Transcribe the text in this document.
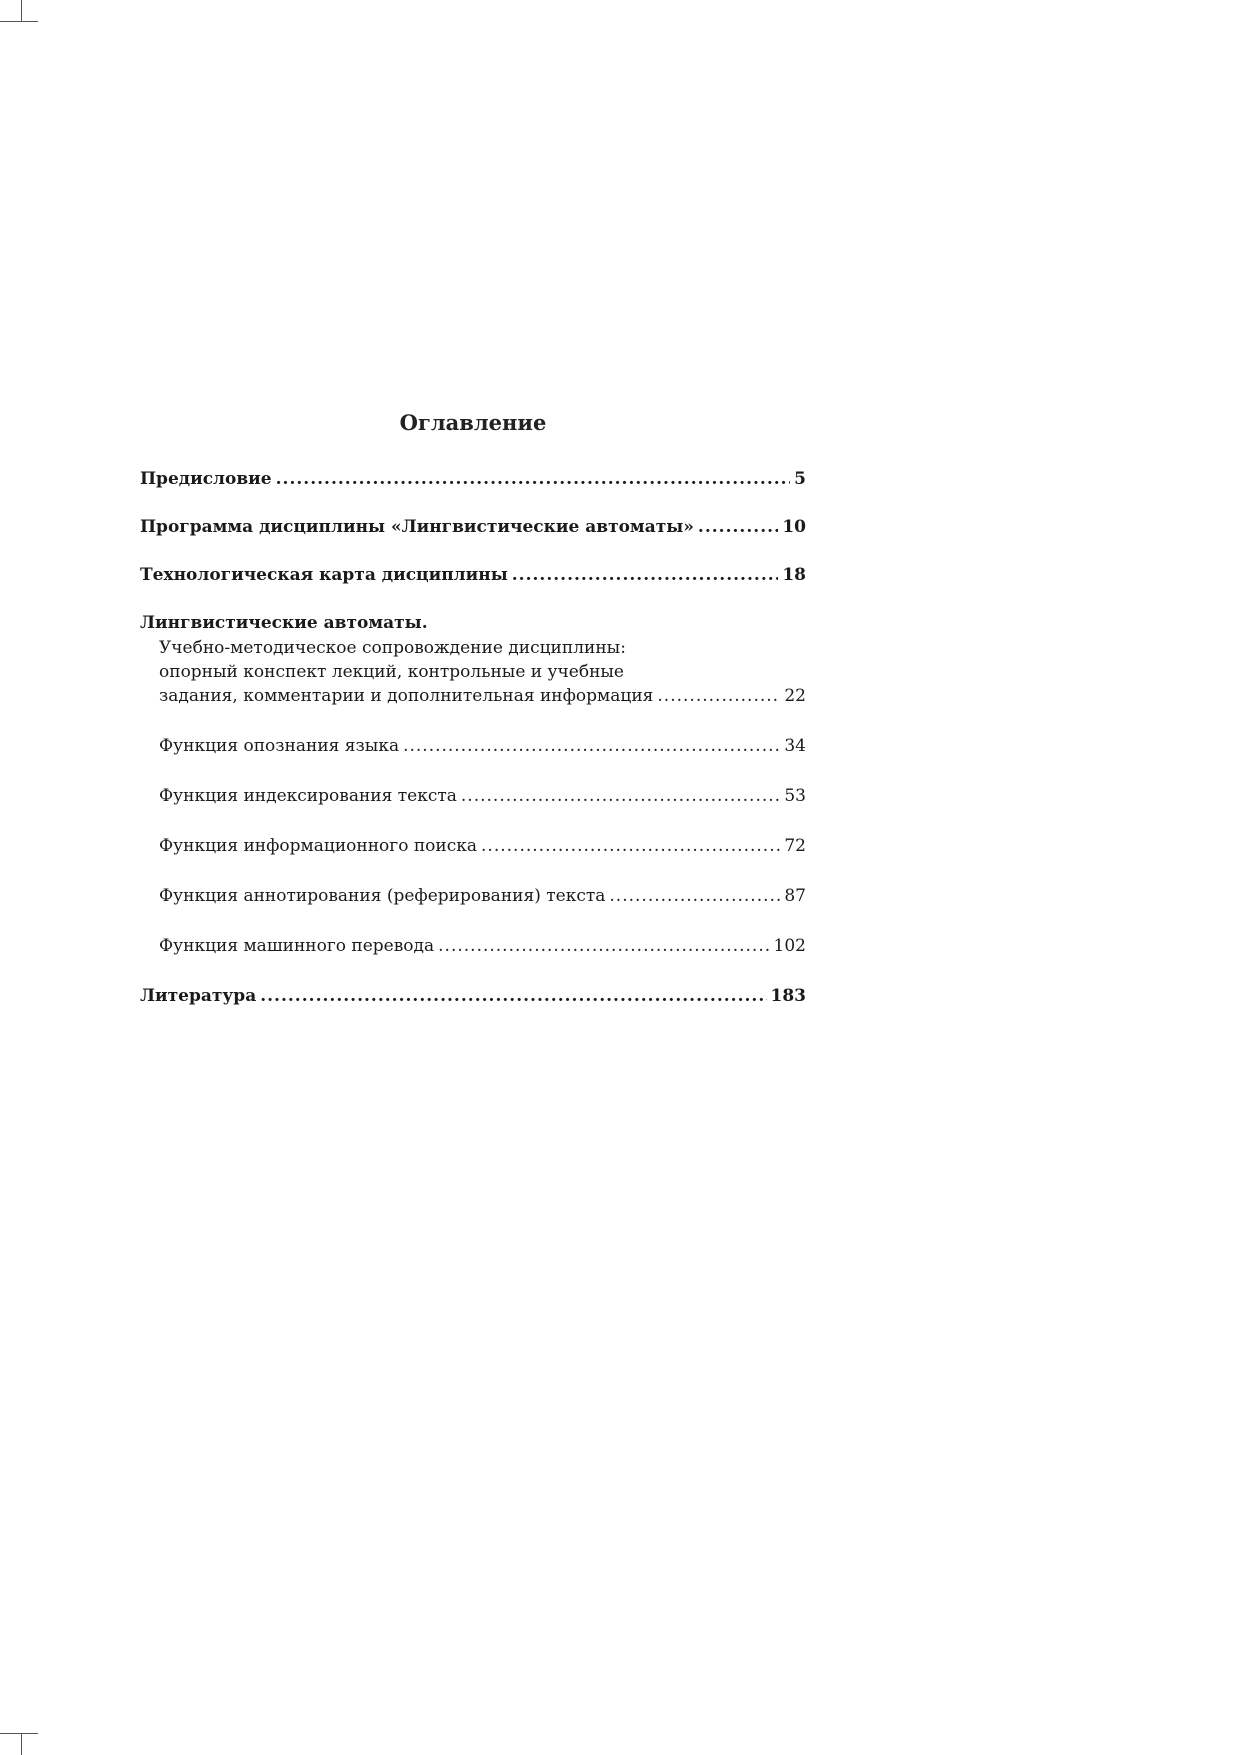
Оглавление
Предисловие .....	5
Программа дисциплины «Лингвистические автоматы» .....	10
Технологическая карта дисциплины .....	18
Лингвистические автоматы.
Учебно-методическое сопровождение дисциплины:
опорный конспект лекций, контрольные и учебные
задания, комментарии и дополнительная информация .....	22
Функция опознания языка .....	34
Функция индексирования текста .....	53
Функция информационного поиска .....	72
Функция аннотирования (реферирования) текста .....	87
Функция машинного перевода .....	102
Литература .....	183
